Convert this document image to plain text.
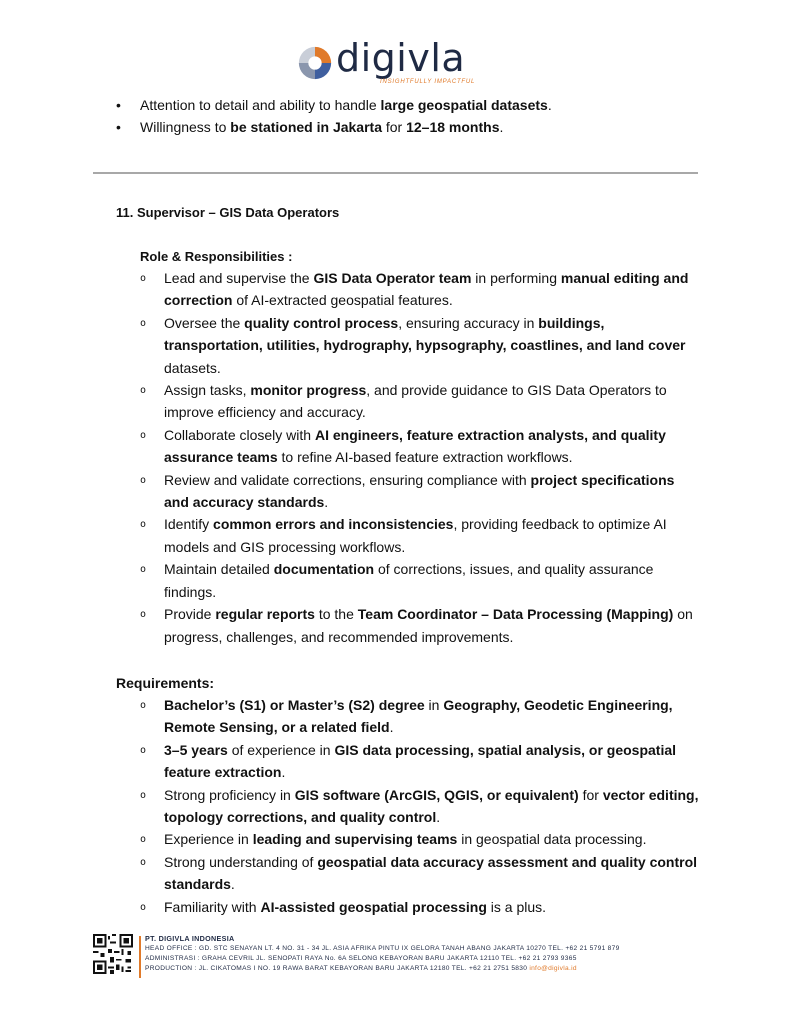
digivla
INSIGHTFULLY IMPACTFUL
• Attention to detail and ability to handle large geospatial datasets.
• Willingness to be stationed in Jakarta for 12–18 months.
11. Supervisor – GIS Data Operators
Role & Responsibilities :
o Lead and supervise the GIS Data Operator team in performing manual editing and correction of AI-extracted geospatial features.
o Oversee the quality control process, ensuring accuracy in buildings, transportation, utilities, hydrography, hypsography, coastlines, and land cover datasets.
o Assign tasks, monitor progress, and provide guidance to GIS Data Operators to improve efficiency and accuracy.
o Collaborate closely with AI engineers, feature extraction analysts, and quality assurance teams to refine AI-based feature extraction workflows.
o Review and validate corrections, ensuring compliance with project specifications and accuracy standards.
o Identify common errors and inconsistencies, providing feedback to optimize AI models and GIS processing workflows.
o Maintain detailed documentation of corrections, issues, and quality assurance findings.
o Provide regular reports to the Team Coordinator – Data Processing (Mapping) on progress, challenges, and recommended improvements.
Requirements:
o Bachelor’s (S1) or Master’s (S2) degree in Geography, Geodetic Engineering, Remote Sensing, or a related field.
o 3–5 years of experience in GIS data processing, spatial analysis, or geospatial feature extraction.
o Strong proficiency in GIS software (ArcGIS, QGIS, or equivalent) for vector editing, topology corrections, and quality control.
o Experience in leading and supervising teams in geospatial data processing.
o Strong understanding of geospatial data accuracy assessment and quality control standards.
o Familiarity with AI-assisted geospatial processing is a plus.
PT. DIGIVLA INDONESIA
HEAD OFFICE : GD. STC SENAYAN LT. 4 NO. 31 - 34 JL. ASIA AFRIKA PINTU IX GELORA TANAH ABANG JAKARTA 10270 TEL. +62 21 5791 879
ADMINISTRASI : GRAHA CEVRIL JL. SENOPATI RAYA No. 6A SELONG KEBAYORAN BARU JAKARTA 12110 TEL. +62 21 2793 9365
PRODUCTION : JL. CIKATOMAS I NO. 19 RAWA BARAT KEBAYORAN BARU JAKARTA 12180 TEL. +62 21 2751 5830 info@digivla.id
